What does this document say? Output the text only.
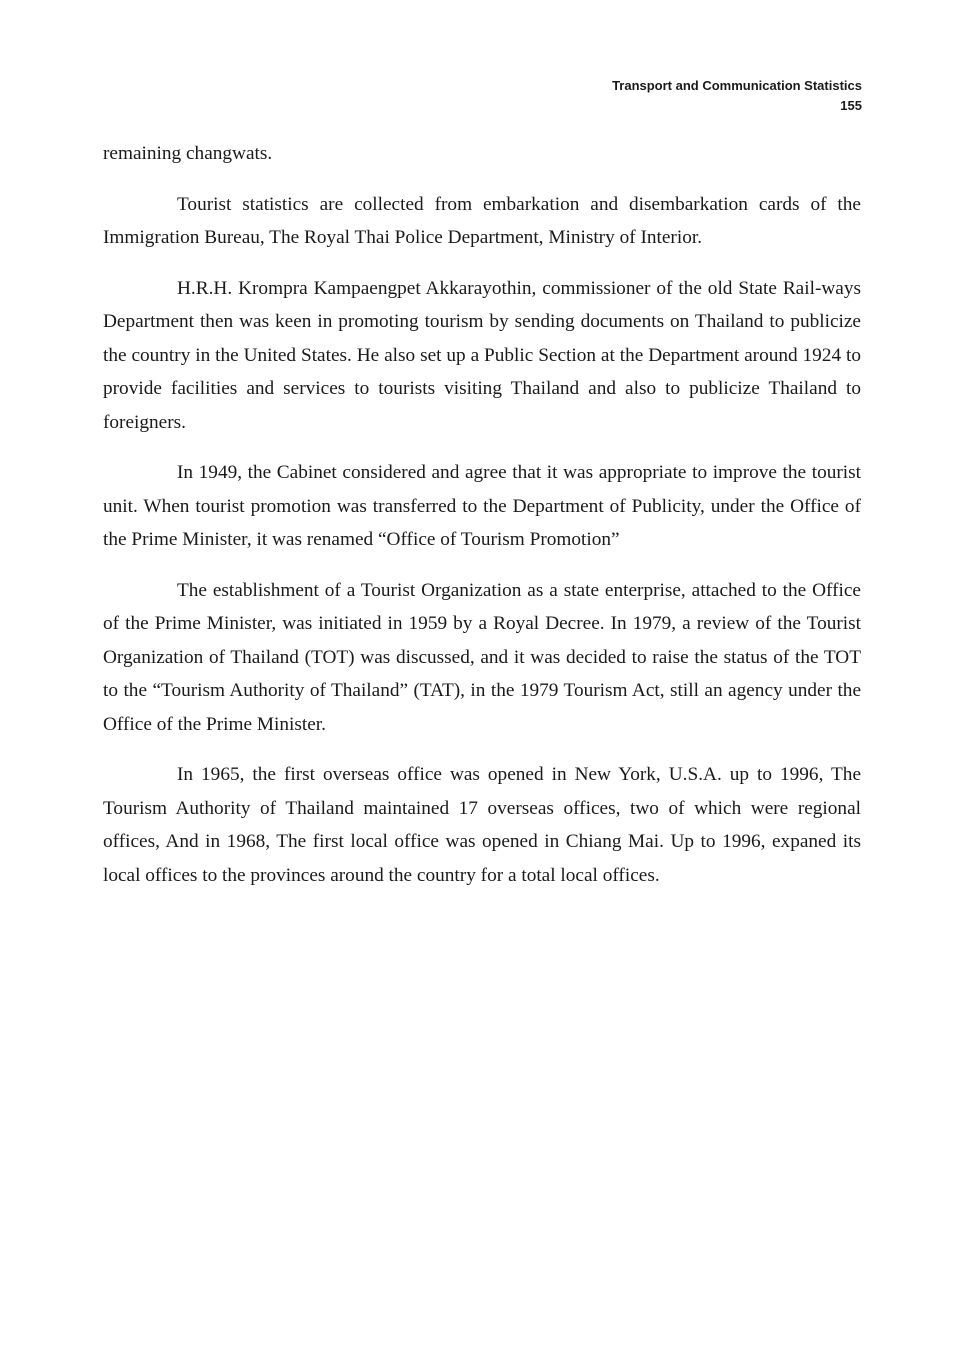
Transport and Communication Statistics
155

remaining changwats.

Tourist statistics are collected from embarkation and disembarkation cards of the Immigration Bureau, The Royal Thai Police Department, Ministry of Interior.

H.R.H. Krompra Kampaengpet Akkarayothin, commissioner of the old State Rail-ways Department then was keen in promoting tourism by sending documents on Thailand to publicize the country in the United States. He also set up a Public Section at the Department around 1924 to provide facilities and services to tourists visiting Thailand and also to publicize Thailand to foreigners.

In 1949, the Cabinet considered and agree that it was appropriate to improve the tourist unit. When tourist promotion was transferred to the Department of Publicity, under the Office of the Prime Minister, it was renamed “Office of Tourism Promotion”

The establishment of a Tourist Organization as a state enterprise, attached to the Office of the Prime Minister, was initiated in 1959 by a Royal Decree. In 1979, a review of the Tourist Organization of Thailand (TOT) was discussed, and it was decided to raise the status of the TOT to the “Tourism Authority of Thailand” (TAT), in the 1979 Tourism Act, still an agency under the Office of the Prime Minister.

In 1965, the first overseas office was opened in New York, U.S.A. up to 1996, The Tourism Authority of Thailand maintained 17 overseas offices, two of which were regional offices, And in 1968, The first local office was opened in Chiang Mai. Up to 1996, expaned its local offices to the provinces around the country for a total local offices.
